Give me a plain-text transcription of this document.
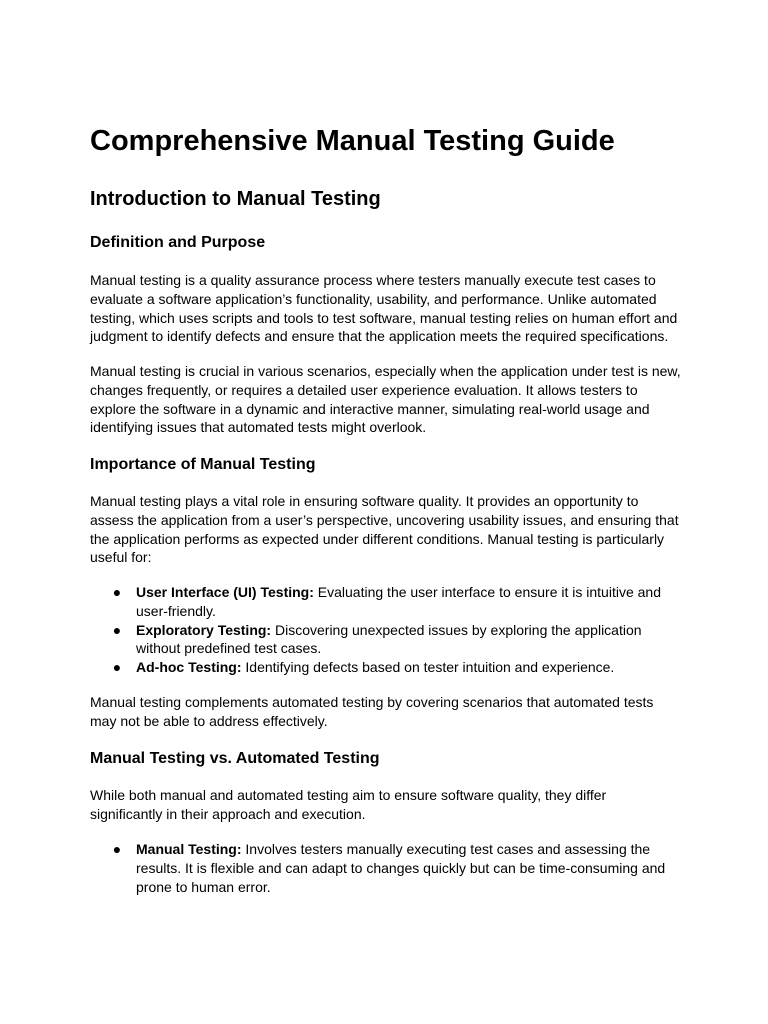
Comprehensive Manual Testing Guide
Introduction to Manual Testing
Definition and Purpose

Manual testing is a quality assurance process where testers manually execute test cases to evaluate a software application’s functionality, usability, and performance. Unlike automated testing, which uses scripts and tools to test software, manual testing relies on human effort and judgment to identify defects and ensure that the application meets the required specifications.

Manual testing is crucial in various scenarios, especially when the application under test is new, changes frequently, or requires a detailed user experience evaluation. It allows testers to explore the software in a dynamic and interactive manner, simulating real-world usage and identifying issues that automated tests might overlook.

Importance of Manual Testing

Manual testing plays a vital role in ensuring software quality. It provides an opportunity to assess the application from a user’s perspective, uncovering usability issues, and ensuring that the application performs as expected under different conditions. Manual testing is particularly useful for:

● User Interface (UI) Testing: Evaluating the user interface to ensure it is intuitive and user-friendly.
● Exploratory Testing: Discovering unexpected issues by exploring the application without predefined test cases.
● Ad-hoc Testing: Identifying defects based on tester intuition and experience.

Manual testing complements automated testing by covering scenarios that automated tests may not be able to address effectively.

Manual Testing vs. Automated Testing

While both manual and automated testing aim to ensure software quality, they differ significantly in their approach and execution.

● Manual Testing: Involves testers manually executing test cases and assessing the results. It is flexible and can adapt to changes quickly but can be time-consuming and prone to human error.
